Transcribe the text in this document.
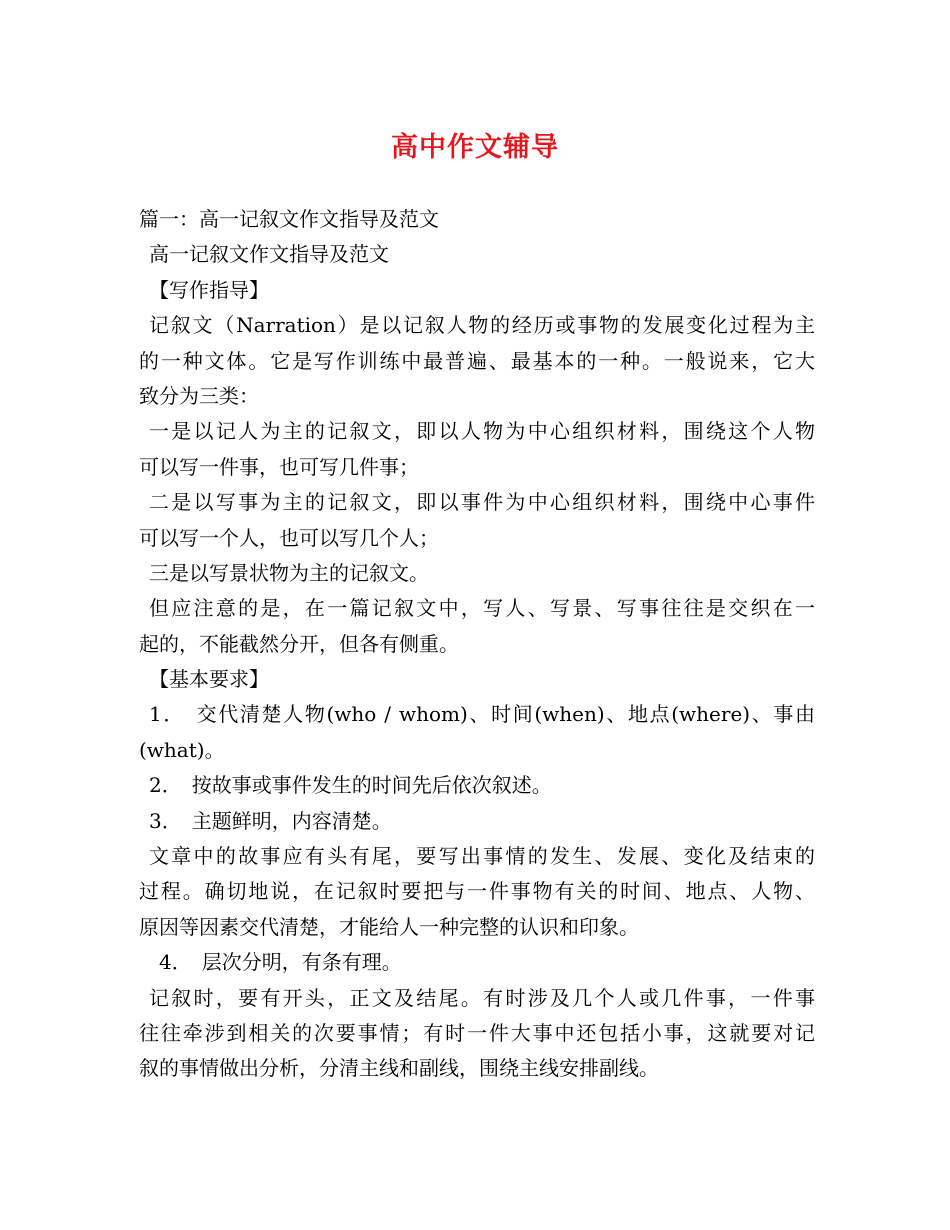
高中作文辅导
篇一：高一记叙文作文指导及范文
高一记叙文作文指导及范文
【写作指导】
记叙文（Narration）是以记叙人物的经历或事物的发展变化过程为主
的一种文体。它是写作训练中最普遍、最基本的一种。一般说来，它大
致分为三类：
一是以记人为主的记叙文，即以人物为中心组织材料，围绕这个人物
可以写一件事，也可写几件事；
二是以写事为主的记叙文，即以事件为中心组织材料，围绕中心事件
可以写一个人，也可以写几个人；
三是以写景状物为主的记叙文。
但应注意的是，在一篇记叙文中，写人、写景、写事往往是交织在一
起的，不能截然分开，但各有侧重。
【基本要求】
1．　交代清楚人物(who / whom)、时间(when)、地点(where)、事由
(what)。
2．　按故事或事件发生的时间先后依次叙述。
3．　主题鲜明，内容清楚。
文章中的故事应有头有尾，要写出事情的发生、发展、变化及结束的
过程。确切地说，在记叙时要把与一件事物有关的时间、地点、人物、
原因等因素交代清楚，才能给人一种完整的认识和印象。
4．　层次分明，有条有理。
记叙时，要有开头，正文及结尾。有时涉及几个人或几件事，一件事
往往牵涉到相关的次要事情；有时一件大事中还包括小事，这就要对记
叙的事情做出分析，分清主线和副线，围绕主线安排副线。
